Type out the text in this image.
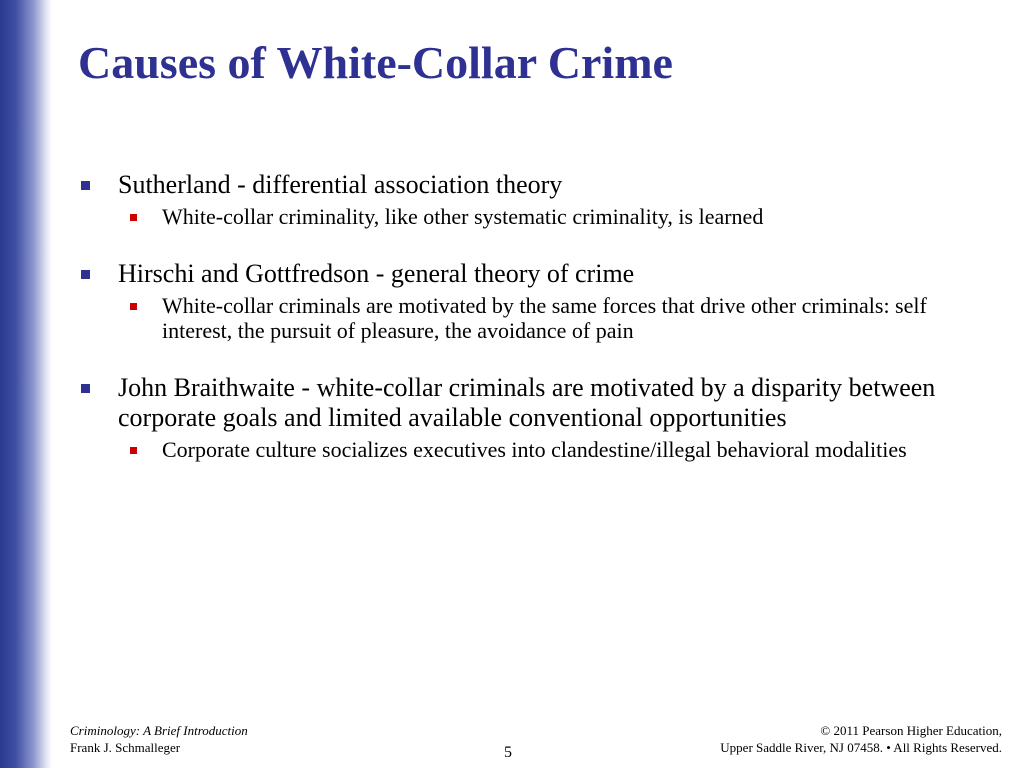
Causes of White-Collar Crime
Sutherland - differential association theory
White-collar criminality, like other systematic criminality, is learned
Hirschi and Gottfredson - general theory of crime
White-collar criminals are motivated by the same forces that drive other criminals: self interest, the pursuit of pleasure, the avoidance of pain
John Braithwaite - white-collar criminals are motivated by a disparity between corporate goals and limited available conventional opportunities
Corporate culture socializes executives into clandestine/illegal behavioral modalities
Criminology: A Brief Introduction
Frank J. Schmalleger	5
© 2011 Pearson Higher Education,
Upper Saddle River, NJ 07458. • All Rights Reserved.
